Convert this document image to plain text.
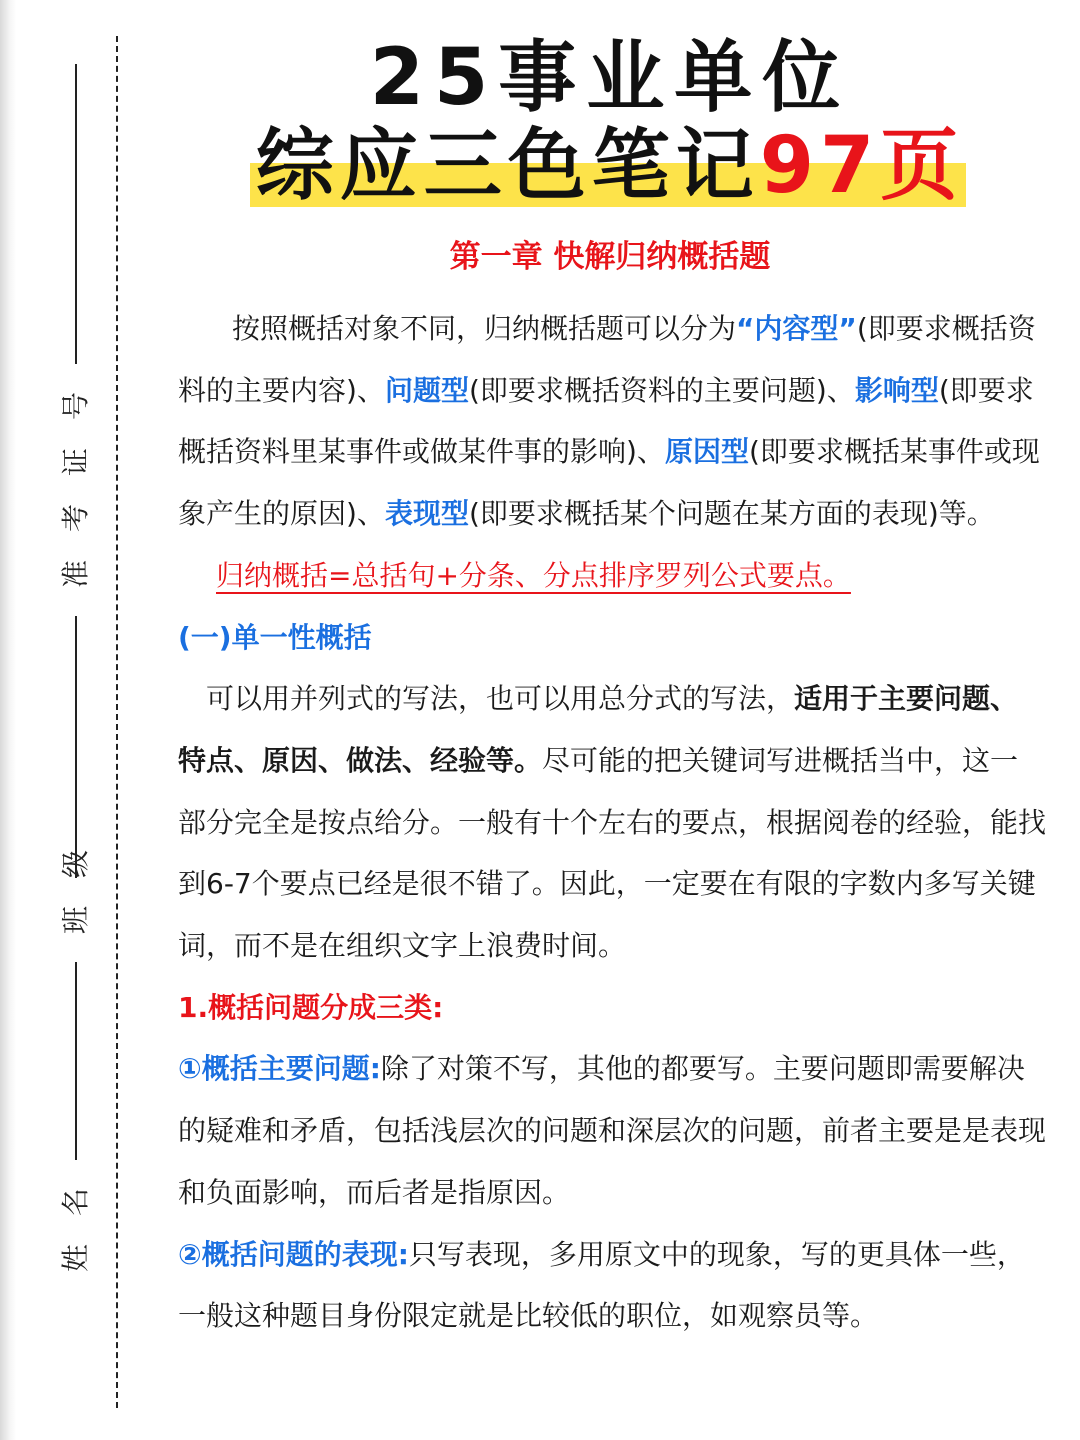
号
证
考
准
级
班
名
姓
25事业单位
综应三色笔记97页
第一章 快解归纳概括题

按照概括对象不同，归纳概括题可以分为“内容型”(即要求概括资料的主要内容)、问题型(即要求概括资料的主要问题)、影响型(即要求概括资料里某事件或做某件事的影响)、原因型(即要求概括某事件或现象产生的原因)、表现型(即要求概括某个问题在某方面的表现)等。

归纳概括=总括句+分条、分点排序罗列公式要点。

(一)单一性概括

可以用并列式的写法，也可以用总分式的写法，适用于主要问题、特点、原因、做法、经验等。尽可能的把关键词写进概括当中，这一部分完全是按点给分。一般有十个左右的要点，根据阅卷的经验，能找到6-7个要点已经是很不错了。因此，一定要在有限的字数内多写关键词，而不是在组织文字上浪费时间。

1.概括问题分成三类:

①概括主要问题:除了对策不写，其他的都要写。主要问题即需要解决的疑难和矛盾，包括浅层次的问题和深层次的问题，前者主要是是表现和负面影响，而后者是指原因。

②概括问题的表现:只写表现，多用原文中的现象，写的更具体一些，一般这种题目身份限定就是比较低的职位，如观察员等。
